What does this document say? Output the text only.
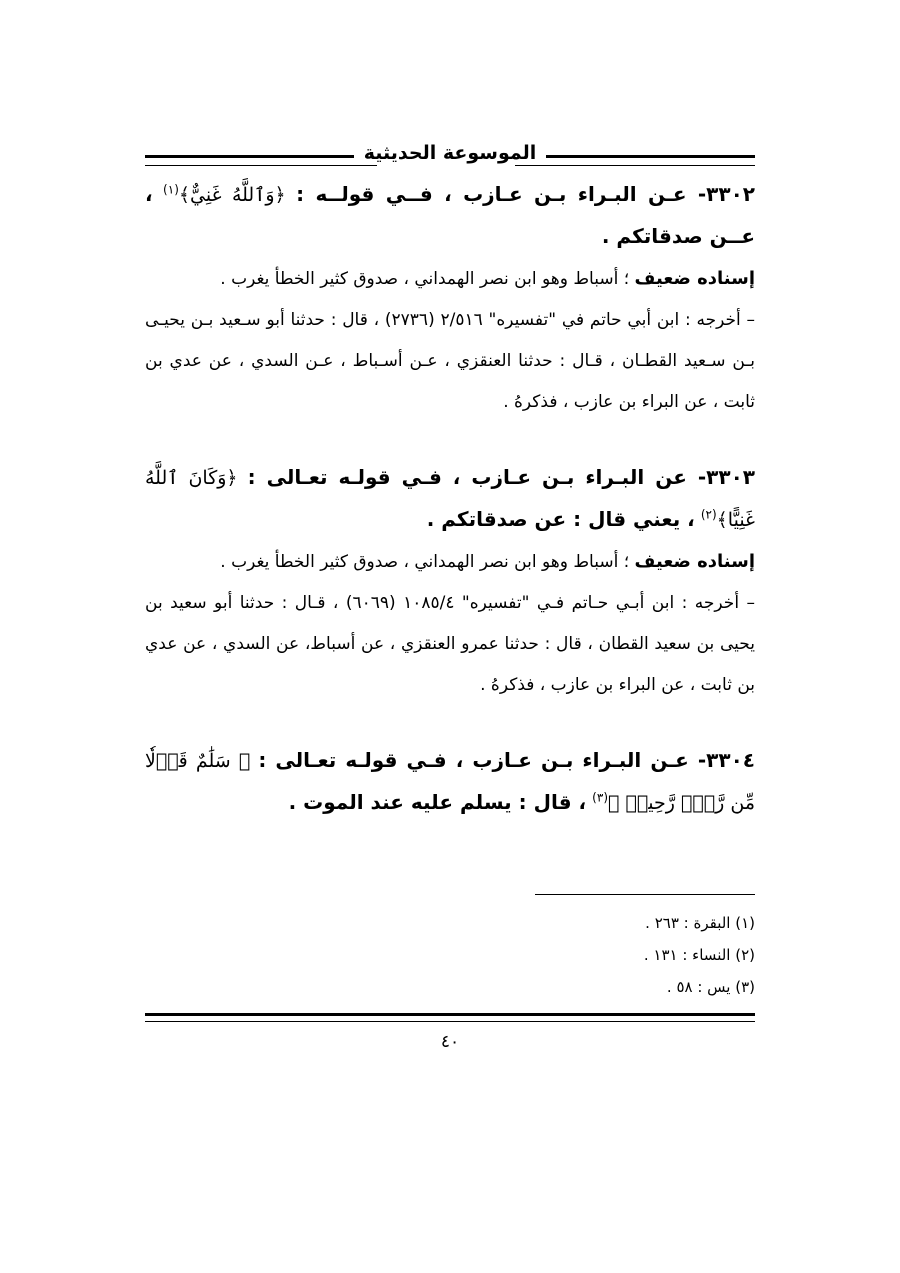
الموسوعة الحديثية

٣٣٠٢- عـن البـراء بـن عـازب ، فــي قولــه : ﴿وَٱللَّهُ غَنِيٌّ﴾$^{(١)}$ ، عــن صدقاتكم .

إسناده ضعيف ؛ أسباط وهو ابن نصر الهمداني ، صدوق كثير الخطأ يغرب .

– أخرجه : ابن أبي حاتم في "تفسيره" ٢/٥١٦ (٢٧٣٦) ، قال : حدثنا أبو سـعيد بـن يحيـى بـن سـعيد القطـان ، قـال : حدثنا العنقزي ، عـن أسـباط ، عـن السدي ، عن عدي بن ثابت ، عن البراء بن عازب ، فذكرهُ .

٣٣٠٣- عن البـراء بـن عـازب ، فـي قولـه تعـالى : ﴿وَكَانَ ٱللَّهُ غَنِيًّا﴾$^{(٢)}$ ، يعني قال : عن صدقاتكم .

إسناده ضعيف ؛ أسباط وهو ابن نصر الهمداني ، صدوق كثير الخطأ يغرب .

– أخرجه : ابن أبـي حـاتم فـي "تفسيره" ١٠٨٥/٤ (٦٠٦٩) ، قـال : حدثنا أبو سعيد بن يحيى بن سعيد القطان ، قال : حدثنا عمرو العنقزي ، عن أسباط، عن السدي ، عن عدي بن ثابت ، عن البراء بن عازب ، فذكرهُ .

٣٣٠٤- عـن البـراء بـن عـازب ، فـي قولـه تعـالى : ﴿ سَلَٰمٌ قَوۡلٗا مِّن رَّبّٖ رَّحِيمٖ ﴾$^{(٣)}$ ، قال : يسلم عليه عند الموت .

(١) البقرة : ٢٦٣ .
(٢) النساء : ١٣١ .
(٣) يس : ٥٨ .
٤٠
